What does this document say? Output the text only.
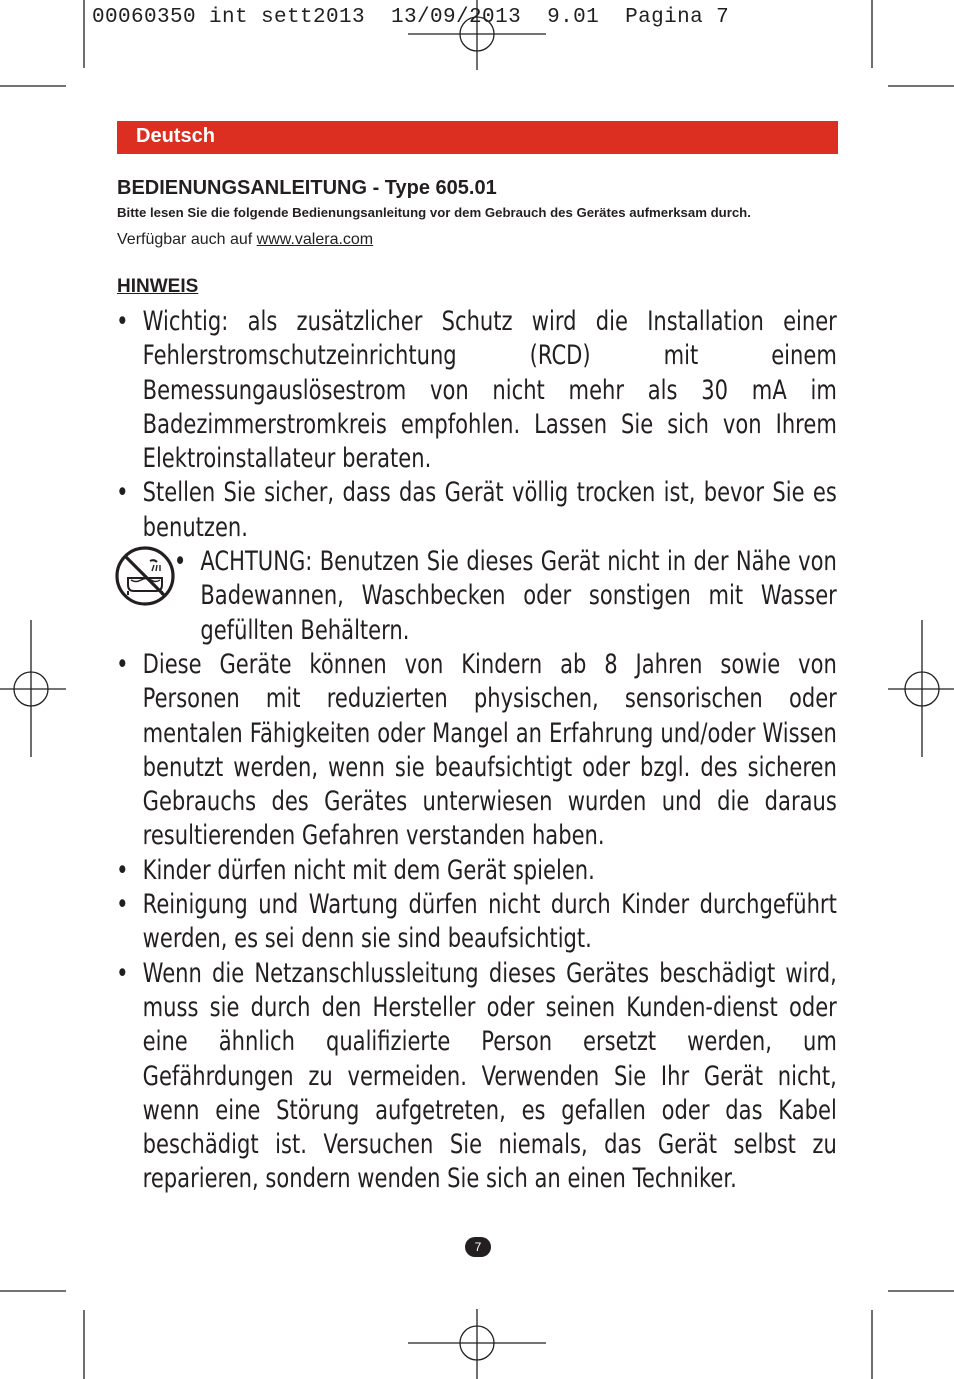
00060350 int sett2013  13/09/2013  9.01  Pagina 7
Deutsch
BEDIENUNGSANLEITUNG - Type 605.01
Bitte lesen Sie die folgende Bedienungsanleitung vor dem Gebrauch des Gerätes aufmerksam durch.
Verfügbar auch auf www.valera.com
HINWEIS
• Wichtig: als zusätzlicher Schutz wird die Installation einer Fehlerstromschutzeinrichtung (RCD) mit einem Bemessungauslösestrom von nicht mehr als 30 mA im Badezimmerstromkreis empfohlen. Lassen Sie sich von Ihrem Elektroinstallateur beraten.
• Stellen Sie sicher, dass das Gerät völlig trocken ist, bevor Sie es benutzen.
• ACHTUNG: Benutzen Sie dieses Gerät nicht in der Nähe von Badewannen, Waschbecken oder sonstigen mit Wasser gefüllten Behältern.
• Diese Geräte können von Kindern ab 8 Jahren sowie von Personen mit reduzierten physischen, sensorischen oder mentalen Fähigkeiten oder Mangel an Erfahrung und/oder Wissen benutzt werden, wenn sie beaufsichtigt oder bzgl. des sicheren Gebrauchs des Gerätes unterwiesen wurden und die daraus resultierenden Gefahren verstanden haben.
• Kinder dürfen nicht mit dem Gerät spielen.
• Reinigung und Wartung dürfen nicht durch Kinder durchgeführt werden, es sei denn sie sind beaufsichtigt.
• Wenn die Netzanschlussleitung dieses Gerätes beschädigt wird, muss sie durch den Hersteller oder seinen Kunden-dienst oder eine ähnlich qualifizierte Person ersetzt werden, um Gefährdungen zu vermeiden. Verwenden Sie Ihr Gerät nicht, wenn eine Störung aufgetreten, es gefallen oder das Kabel beschädigt ist. Versuchen Sie niemals, das Gerät selbst zu reparieren, sondern wenden Sie sich an einen Techniker.
7
